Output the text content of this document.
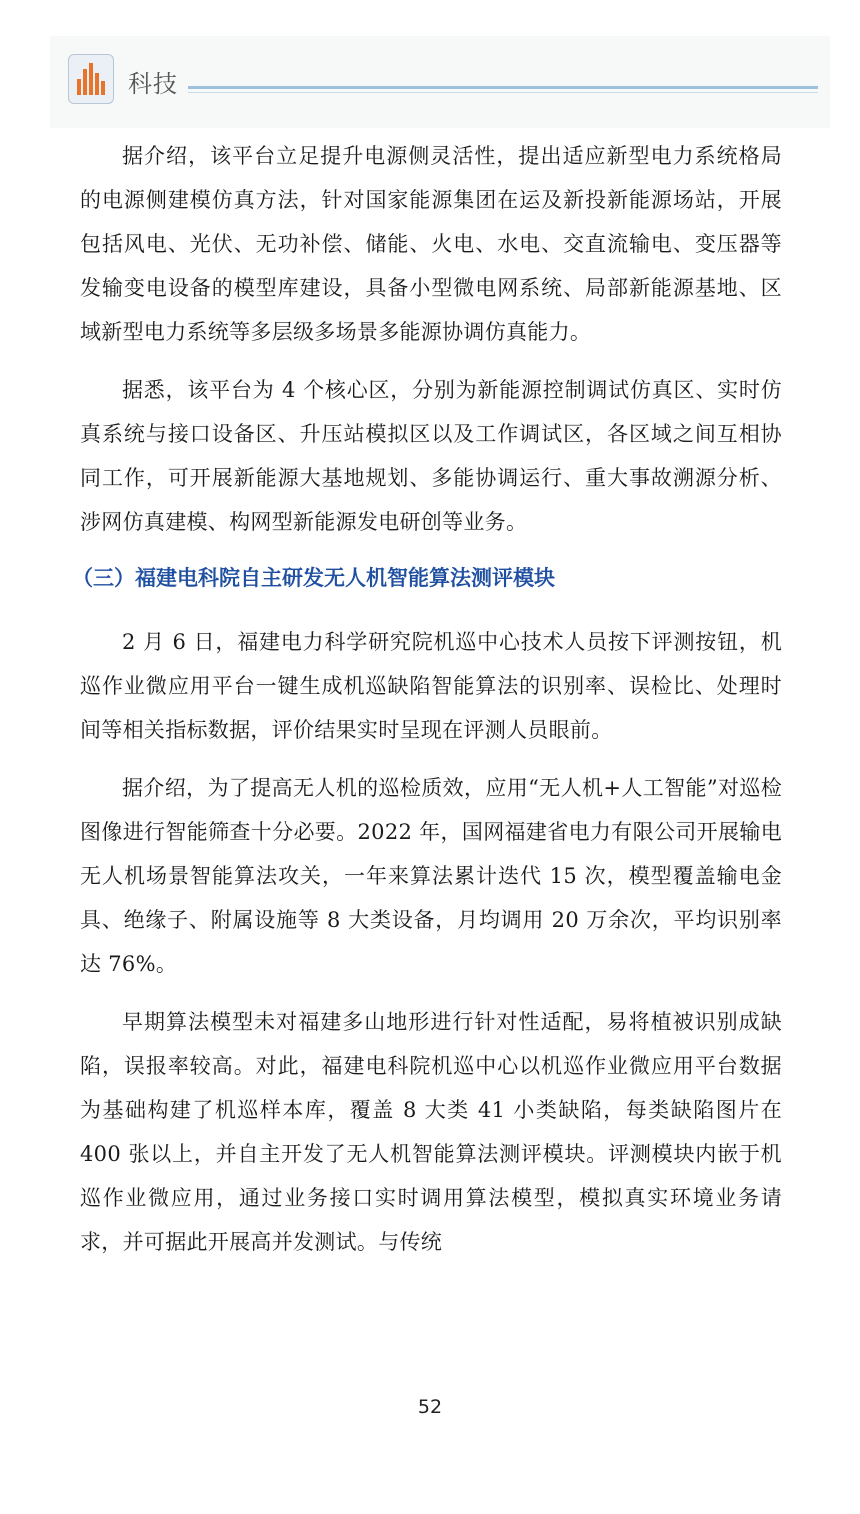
科技

据介绍，该平台立足提升电源侧灵活性，提出适应新型电力系统格局的电源侧建模仿真方法，针对国家能源集团在运及新投新能源场站，开展包括风电、光伏、无功补偿、储能、火电、水电、交直流输电、变压器等发输变电设备的模型库建设，具备小型微电网系统、局部新能源基地、区域新型电力系统等多层级多场景多能源协调仿真能力。

据悉，该平台为 4 个核心区，分别为新能源控制调试仿真区、实时仿真系统与接口设备区、升压站模拟区以及工作调试区，各区域之间互相协同工作，可开展新能源大基地规划、多能协调运行、重大事故溯源分析、涉网仿真建模、构网型新能源发电研创等业务。

（三）福建电科院自主研发无人机智能算法测评模块

2 月 6 日，福建电力科学研究院机巡中心技术人员按下评测按钮，机巡作业微应用平台一键生成机巡缺陷智能算法的识别率、误检比、处理时间等相关指标数据，评价结果实时呈现在评测人员眼前。

据介绍，为了提高无人机的巡检质效，应用“无人机+人工智能”对巡检图像进行智能筛查十分必要。2022 年，国网福建省电力有限公司开展输电无人机场景智能算法攻关，一年来算法累计迭代 15 次，模型覆盖输电金具、绝缘子、附属设施等 8 大类设备，月均调用 20 万余次，平均识别率达 76%。

早期算法模型未对福建多山地形进行针对性适配，易将植被识别成缺陷，误报率较高。对此，福建电科院机巡中心以机巡作业微应用平台数据为基础构建了机巡样本库，覆盖 8 大类 41 小类缺陷，每类缺陷图片在 400 张以上，并自主开发了无人机智能算法测评模块。评测模块内嵌于机巡作业微应用，通过业务接口实时调用算法模型，模拟真实环境业务请求，并可据此开展高并发测试。与传统

52
